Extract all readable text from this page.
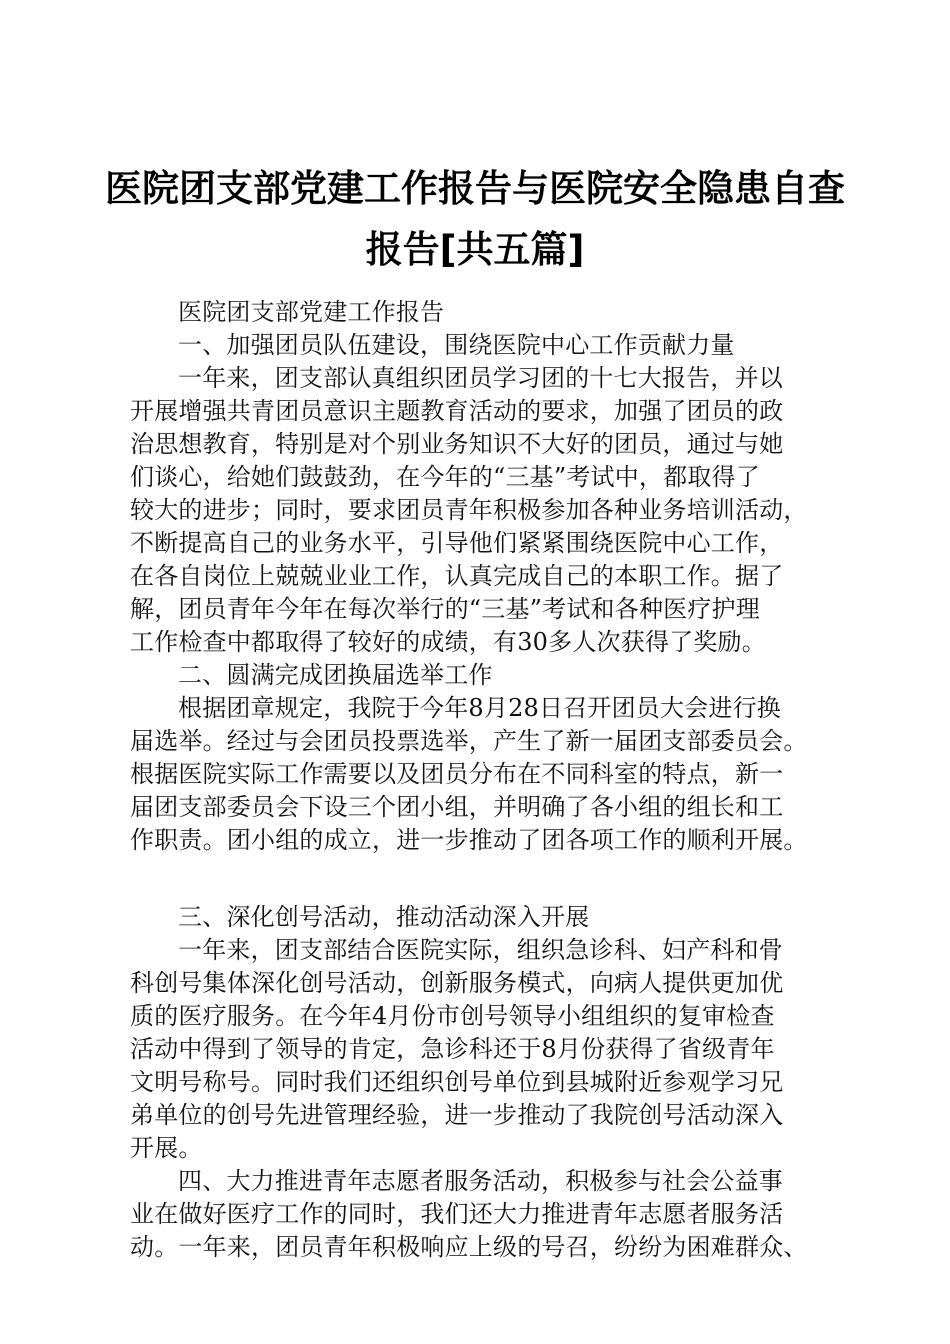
医院团支部党建工作报告与医院安全隐患自查
报告[共五篇]
医院团支部党建工作报告
一、加强团员队伍建设，围绕医院中心工作贡献力量
一年来，团支部认真组织团员学习团的十七大报告，并以
开展增强共青团员意识主题教育活动的要求，加强了团员的政
治思想教育，特别是对个别业务知识不大好的团员，通过与她
们谈心，给她们鼓鼓劲，在今年的“三基”考试中，都取得了
较大的进步；同时，要求团员青年积极参加各种业务培训活动，
不断提高自己的业务水平，引导他们紧紧围绕医院中心工作，
在各自岗位上兢兢业业工作，认真完成自己的本职工作。据了
解，团员青年今年在每次举行的“三基”考试和各种医疗护理
工作检查中都取得了较好的成绩，有30多人次获得了奖励。
二、圆满完成团换届选举工作
根据团章规定，我院于今年8月28日召开团员大会进行换
届选举。经过与会团员投票选举，产生了新一届团支部委员会。
根据医院实际工作需要以及团员分布在不同科室的特点，新一
届团支部委员会下设三个团小组，并明确了各小组的组长和工
作职责。团小组的成立，进一步推动了团各项工作的顺利开展。
三、深化创号活动，推动活动深入开展
一年来，团支部结合医院实际，组织急诊科、妇产科和骨
科创号集体深化创号活动，创新服务模式，向病人提供更加优
质的医疗服务。在今年4月份市创号领导小组组织的复审检查
活动中得到了领导的肯定，急诊科还于8月份获得了省级青年
文明号称号。同时我们还组织创号单位到县城附近参观学习兄
弟单位的创号先进管理经验，进一步推动了我院创号活动深入
开展。
四、大力推进青年志愿者服务活动，积极参与社会公益事
业在做好医疗工作的同时，我们还大力推进青年志愿者服务活
动。一年来，团员青年积极响应上级的号召，纷纷为困难群众、
